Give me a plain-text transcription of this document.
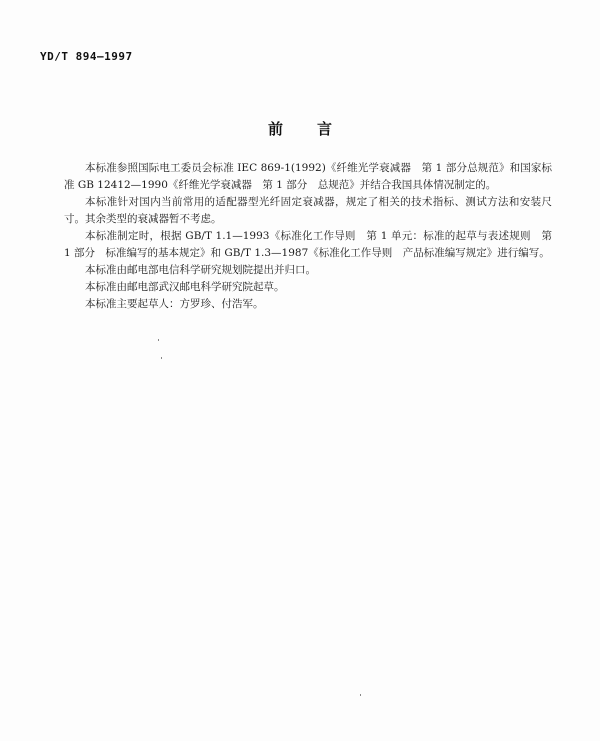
YD/T 894—1997
前言

本标准参照国际电工委员会标准 IEC 869-1(1992)《纤维光学衰减器　第 1 部分总规范》和国家标准 GB 12412—1990《纤维光学衰减器　第 1 部分　总规范》并结合我国具体情况制定的。

本标准针对国内当前常用的适配器型光纤固定衰减器，规定了相关的技术指标、测试方法和安装尺寸。其余类型的衰减器暂不考虑。

本标准制定时，根据 GB/T 1.1—1993《标准化工作导则　第 1 单元：标准的起草与表述规则　第 1 部分　标准编写的基本规定》和 GB/T 1.3—1987《标准化工作导则　产品标准编写规定》进行编写。

本标准由邮电部电信科学研究规划院提出并归口。

本标准由邮电部武汉邮电科学研究院起草。

本标准主要起草人：方罗珍、付浩军。
